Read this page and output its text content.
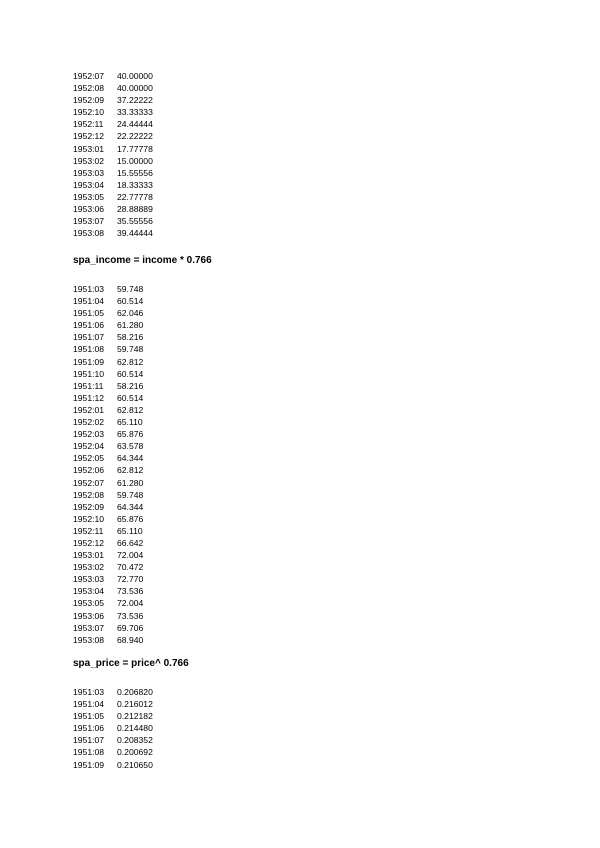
1952:07 40.00000
1952:08 40.00000
1952:09 37.22222
1952:10 33.33333
1952:11 24.44444
1952:12 22.22222
1953:01 17.77778
1953:02 15.00000
1953:03 15.55556
1953:04 18.33333
1953:05 22.77778
1953:06 28.88889
1953:07 35.55556
1953:08 39.44444
spa_income = income * 0.766
1951:03 59.748
1951:04 60.514
1951:05 62.046
1951:06 61.280
1951:07 58.216
1951:08 59.748
1951:09 62.812
1951:10 60.514
1951:11 58.216
1951:12 60.514
1952:01 62.812
1952:02 65.110
1952:03 65.876
1952:04 63.578
1952:05 64.344
1952:06 62.812
1952:07 61.280
1952:08 59.748
1952:09 64.344
1952:10 65.876
1952:11 65.110
1952:12 66.642
1953:01 72.004
1953:02 70.472
1953:03 72.770
1953:04 73.536
1953:05 72.004
1953:06 73.536
1953:07 69.706
1953:08 68.940
spa_price = price^ 0.766
1951:03 0.206820
1951:04 0.216012
1951:05 0.212182
1951:06 0.214480
1951:07 0.208352
1951:08 0.200692
1951:09 0.210650
